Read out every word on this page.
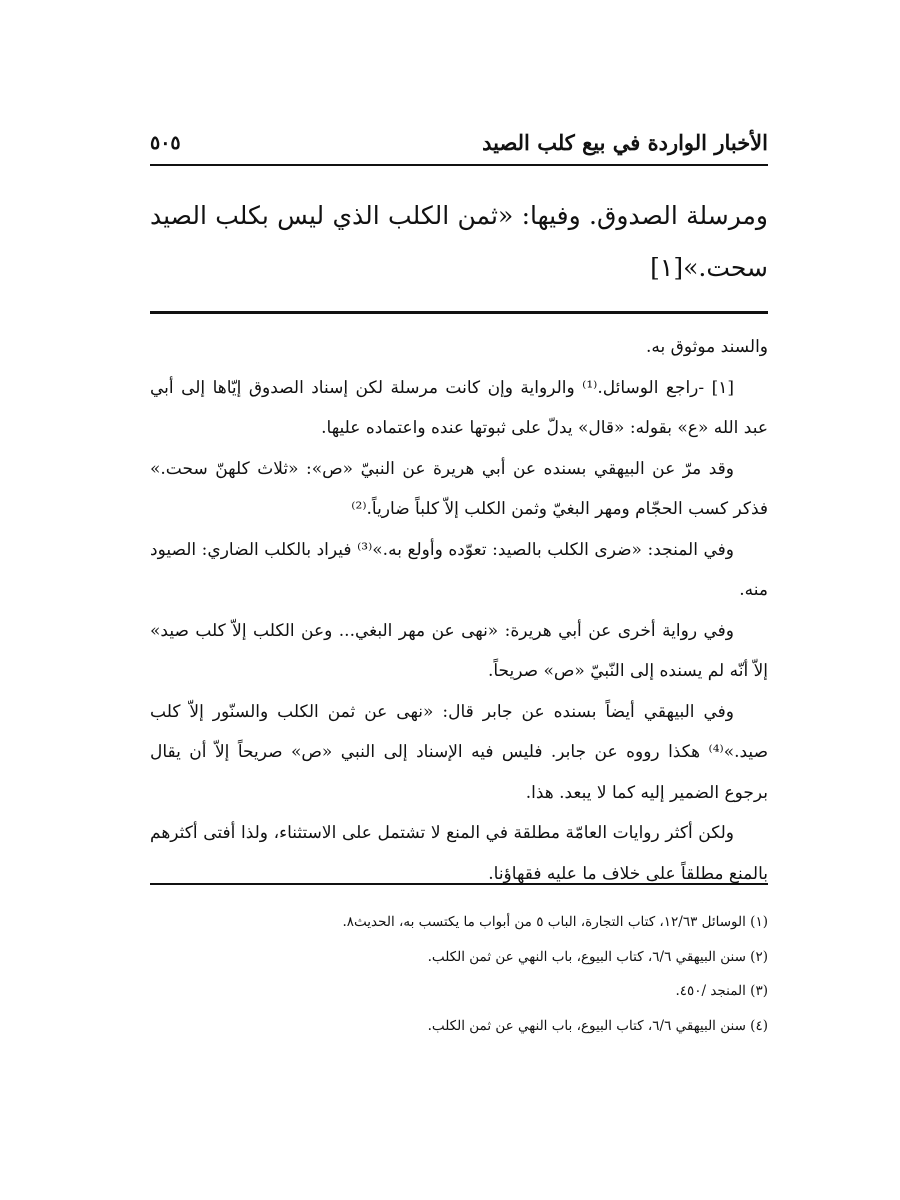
الأخبار الواردة في بيع كلب الصيد
٥٠٥

ومرسلة الصدوق. وفيها: «ثمن الكلب الذي ليس بكلب الصيد سحت.»[١]

والسند موثوق به.

[١] -راجع الوسائل.⁽¹⁾ والرواية وإن كانت مرسلة لكن إسناد الصدوق إيّاها إلى أبي عبد الله «ع» بقوله: «قال» يدلّ على ثبوتها عنده واعتماده عليها.

وقد مرّ عن البيهقي بسنده عن أبي هريرة عن النبيّ «ص»: «ثلاث كلهنّ سحت.» فذكر كسب الحجّام ومهر البغيّ وثمن الكلب إلاّ كلباً ضارياً.⁽²⁾

وفي المنجد: «ضرى الكلب بالصيد: تعوّده وأولع به.»⁽³⁾ فيراد بالكلب الضاري: الصيود منه.

وفي رواية أخرى عن أبي هريرة: «نهى عن مهر البغي... وعن الكلب إلاّ كلب صيد» إلاّ أنّه لم يسنده إلى النّبيّ «ص» صريحاً.

وفي البيهقي أيضاً بسنده عن جابر قال: «نهى عن ثمن الكلب والسنّور إلاّ كلب صيد.»⁽⁴⁾ هكذا رووه عن جابر. فليس فيه الإسناد إلى النبي «ص» صريحاً إلاّ أن يقال برجوع الضمير إليه كما لا يبعد. هذا.

ولكن أكثر روايات العامّة مطلقة في المنع لا تشتمل على الاستثناء، ولذا أفتى أكثرهم بالمنع مطلقاً على خلاف ما عليه فقهاؤنا.

(١) الوسائل ١٢/٦٣، كتاب التجارة، الباب ٥ من أبواب ما يكتسب به، الحديث٨.

(٢) سنن البيهقي ٦/٦، كتاب البيوع، باب النهي عن ثمن الكلب.

(٣) المنجد /٤٥٠.

(٤) سنن البيهقي ٦/٦، كتاب البيوع، باب النهي عن ثمن الكلب.
